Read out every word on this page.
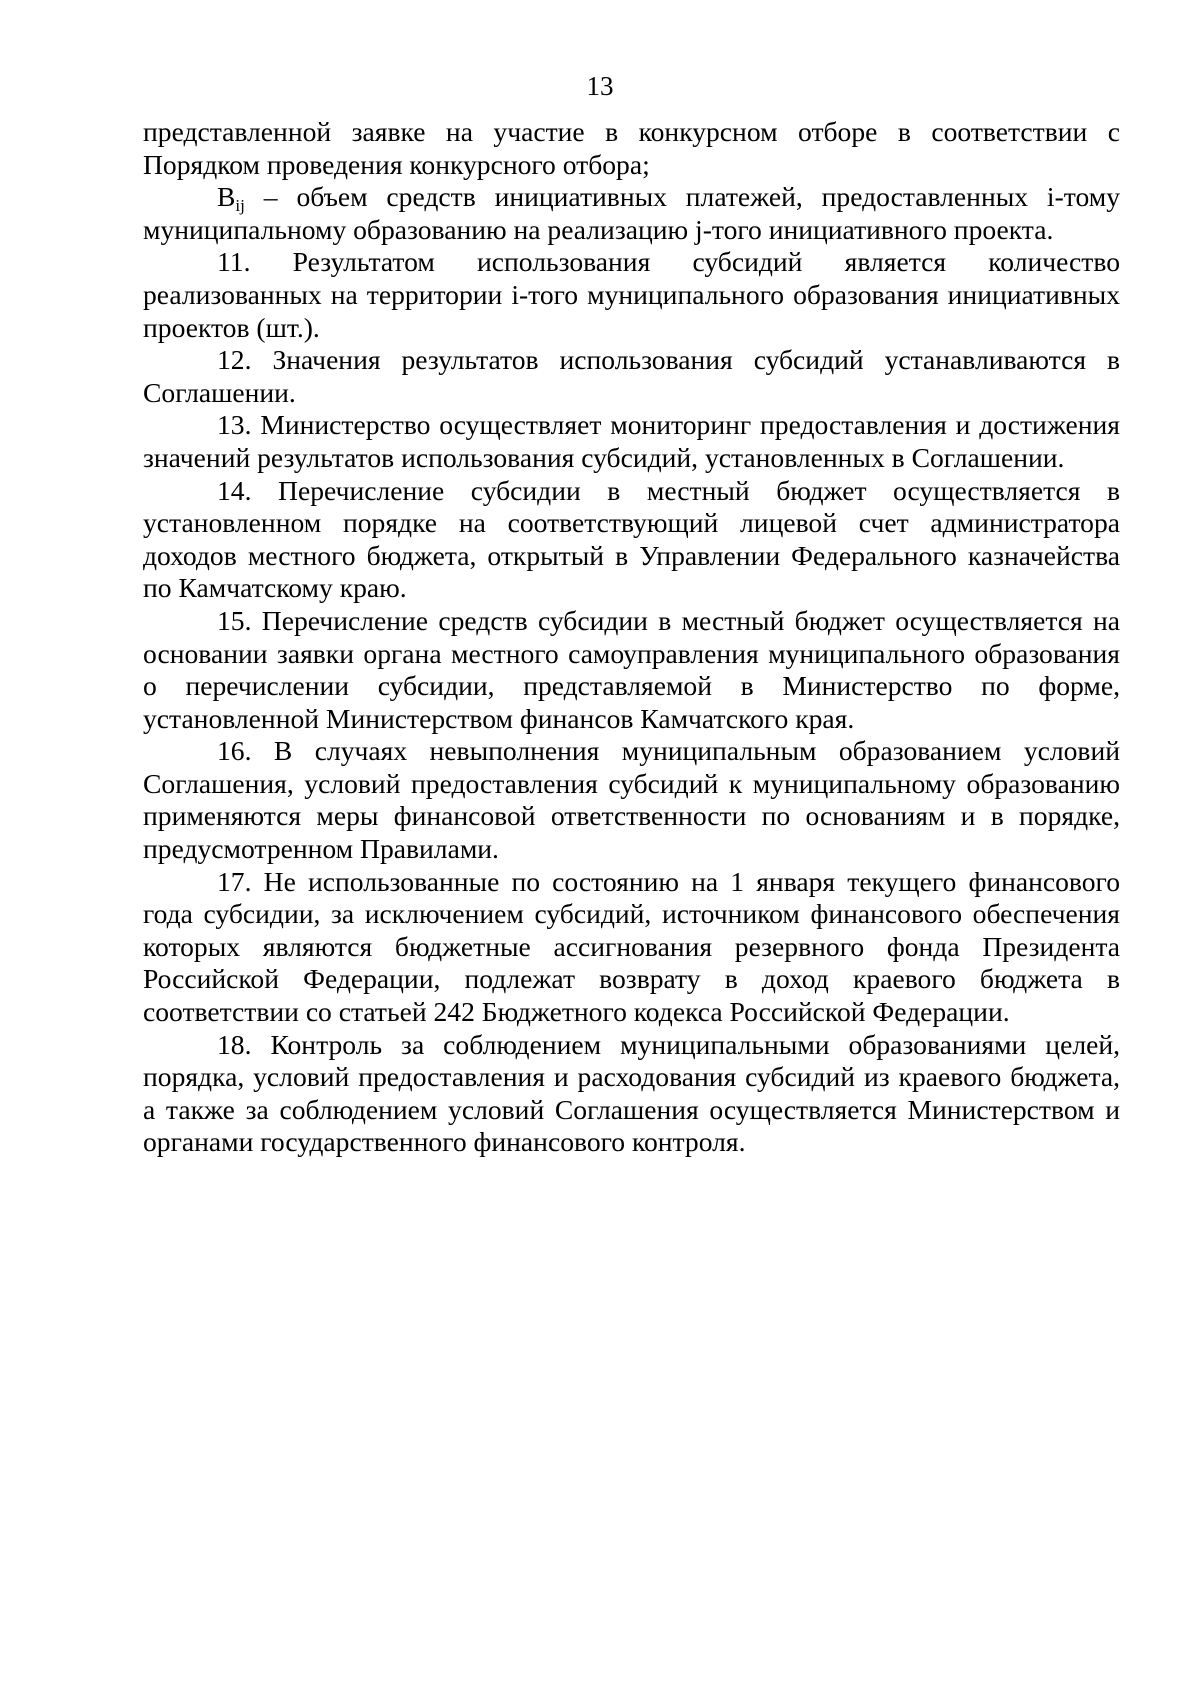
13

представленной заявке на участие в конкурсном отборе в соответствии с Порядком проведения конкурсного отбора;

$B_{ij}$ – объем средств инициативных платежей, предоставленных i-тому муниципальному образованию на реализацию j-того инициативного проекта.

11. Результатом использования субсидий является количество реализованных на территории i-того муниципального образования инициативных проектов (шт.).

12. Значения результатов использования субсидий устанавливаются в Соглашении.

13. Министерство осуществляет мониторинг предоставления и достижения значений результатов использования субсидий, установленных в Соглашении.

14. Перечисление субсидии в местный бюджет осуществляется в установленном порядке на соответствующий лицевой счет администратора доходов местного бюджета, открытый в Управлении Федерального казначейства по Камчатскому краю.

15. Перечисление средств субсидии в местный бюджет осуществляется на основании заявки органа местного самоуправления муниципального образования о перечислении субсидии, представляемой в Министерство по форме, установленной Министерством финансов Камчатского края.

16. В случаях невыполнения муниципальным образованием условий Соглашения, условий предоставления субсидий к муниципальному образованию применяются меры финансовой ответственности по основаниям и в порядке, предусмотренном Правилами.

17. Не использованные по состоянию на 1 января текущего финансового года субсидии, за исключением субсидий, источником финансового обеспечения которых являются бюджетные ассигнования резервного фонда Президента Российской Федерации, подлежат возврату в доход краевого бюджета в соответствии со статьей 242 Бюджетного кодекса Российской Федерации.

18. Контроль за соблюдением муниципальными образованиями целей, порядка, условий предоставления и расходования субсидий из краевого бюджета, а также за соблюдением условий Соглашения осуществляется Министерством и органами государственного финансового контроля.
